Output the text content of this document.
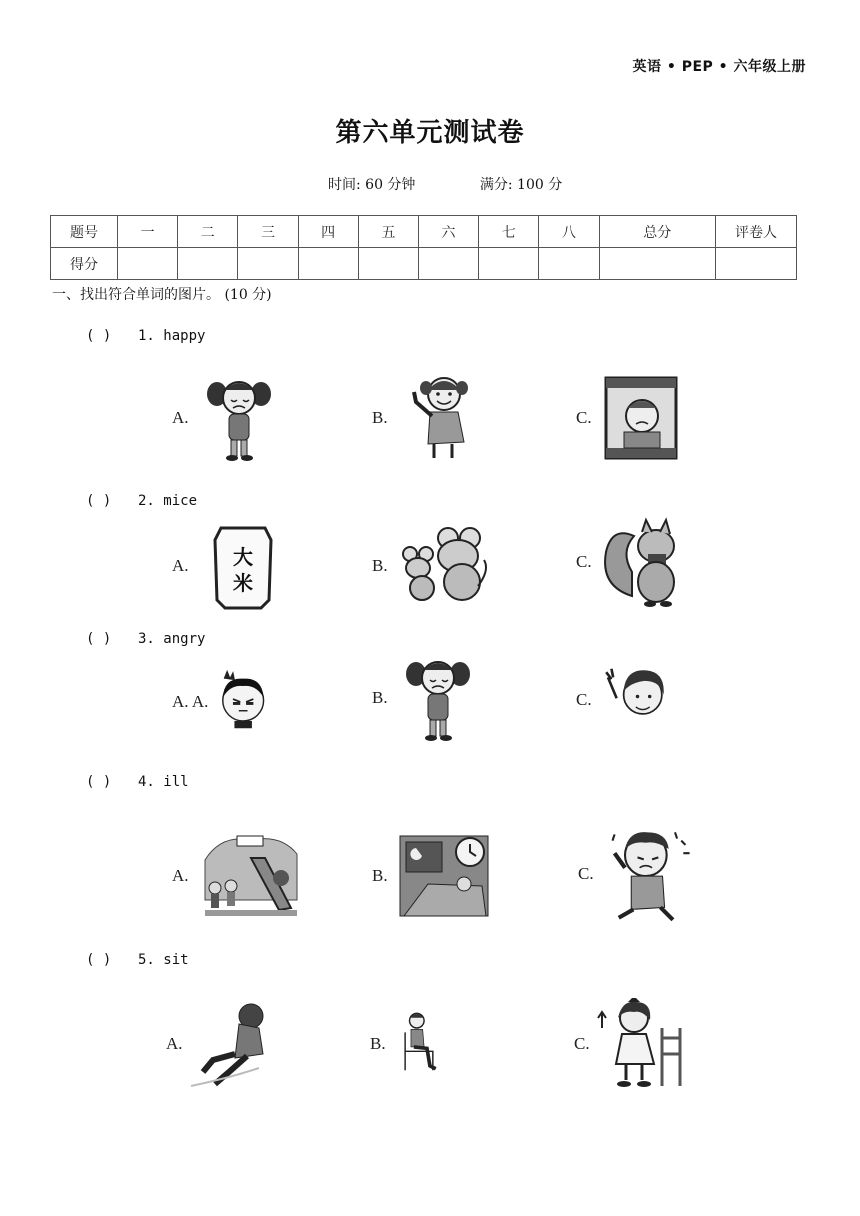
英语 • PEP • 六年级上册
第六单元测试卷
时间: 60 分钟	满分: 100 分
题号	一	二	三	四	五	六	七	八	总分	评卷人
得分										
一、找出符合单词的图片。 (10 分)
( ) 1. happy
A.	B.	C.
( ) 2. mice
A. 大
米
B.	C.
( ) 3. angry
A. A.	B.	C.
( ) 4. ill
A.	B.	C.
( ) 5. sit
A.	B.	C.
